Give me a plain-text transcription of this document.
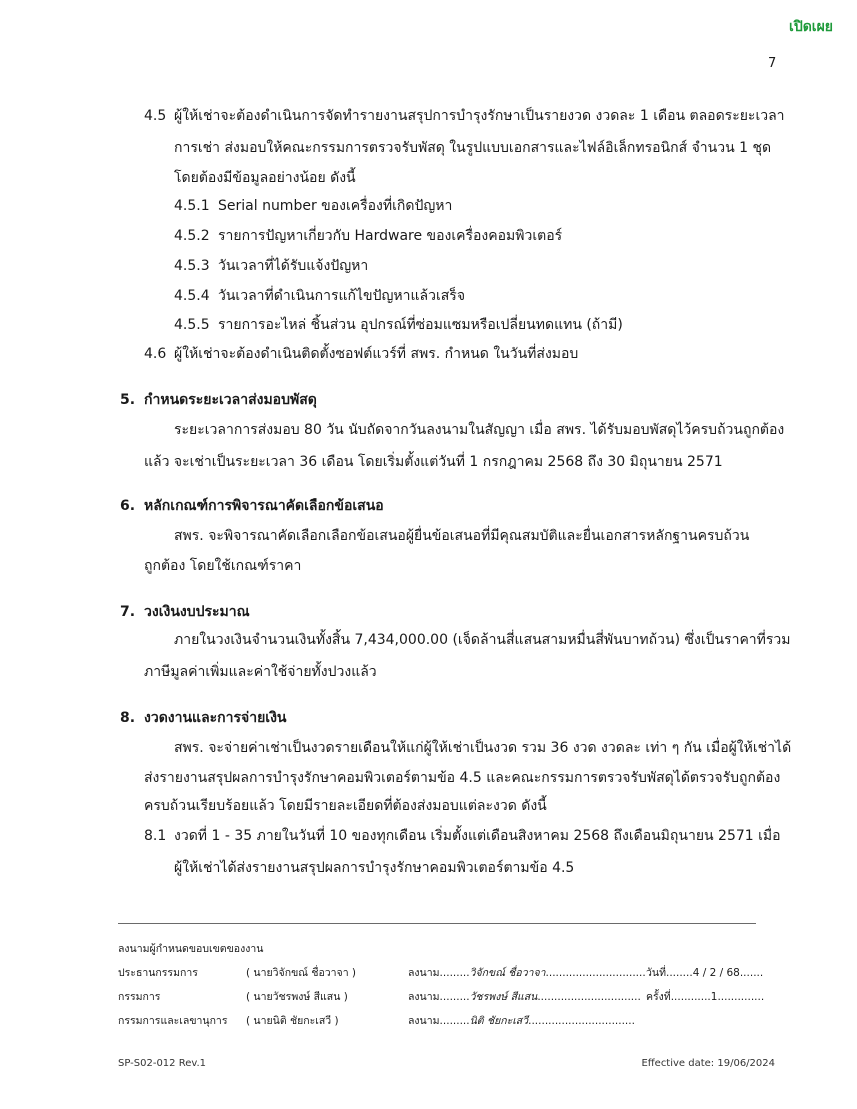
เปิดเผย
7
4.5 ผู้ให้เช่าจะต้องดำเนินการจัดทำรายงานสรุปการบำรุงรักษาเป็นรายงวด งวดละ 1 เดือน ตลอดระยะเวลา
การเช่า ส่งมอบให้คณะกรรมการตรวจรับพัสดุ ในรูปแบบเอกสารและไฟล์อิเล็กทรอนิกส์ จำนวน 1 ชุด
โดยต้องมีข้อมูลอย่างน้อย ดังนี้
4.5.1 Serial number ของเครื่องที่เกิดปัญหา
4.5.2 รายการปัญหาเกี่ยวกับ Hardware ของเครื่องคอมพิวเตอร์
4.5.3 วันเวลาที่ได้รับแจ้งปัญหา
4.5.4 วันเวลาที่ดำเนินการแก้ไขปัญหาแล้วเสร็จ
4.5.5 รายการอะไหล่ ชิ้นส่วน อุปกรณ์ที่ซ่อมแซมหรือเปลี่ยนทดแทน (ถ้ามี)
4.6 ผู้ให้เช่าจะต้องดำเนินติดตั้งซอฟต์แวร์ที่ สพร. กำหนด ในวันที่ส่งมอบ
5. กำหนดระยะเวลาส่งมอบพัสดุ
ระยะเวลาการส่งมอบ 80 วัน นับถัดจากวันลงนามในสัญญา เมื่อ สพร. ได้รับมอบพัสดุไว้ครบถ้วนถูกต้อง
แล้ว จะเช่าเป็นระยะเวลา 36 เดือน โดยเริ่มตั้งแต่วันที่ 1 กรกฎาคม 2568 ถึง 30 มิถุนายน 2571
6. หลักเกณฑ์การพิจารณาคัดเลือกข้อเสนอ
สพร. จะพิจารณาคัดเลือกเลือกข้อเสนอผู้ยื่นข้อเสนอที่มีคุณสมบัติและยื่นเอกสารหลักฐานครบถ้วน
ถูกต้อง โดยใช้เกณฑ์ราคา
7. วงเงินงบประมาณ
ภายในวงเงินจำนวนเงินทั้งสิ้น 7,434,000.00 (เจ็ดล้านสี่แสนสามหมื่นสี่พันบาทถ้วน) ซึ่งเป็นราคาที่รวม
ภาษีมูลค่าเพิ่มและค่าใช้จ่ายทั้งปวงแล้ว
8. งวดงานและการจ่ายเงิน
สพร. จะจ่ายค่าเช่าเป็นงวดรายเดือนให้แก่ผู้ให้เช่าเป็นงวด รวม 36 งวด งวดละ เท่า ๆ กัน เมื่อผู้ให้เช่าได้
ส่งรายงานสรุปผลการบำรุงรักษาคอมพิวเตอร์ตามข้อ 4.5 และคณะกรรมการตรวจรับพัสดุได้ตรวจรับถูกต้อง
ครบถ้วนเรียบร้อยแล้ว โดยมีรายละเอียดที่ต้องส่งมอบแต่ละงวด ดังนี้
8.1 งวดที่ 1 - 35 ภายในวันที่ 10 ของทุกเดือน เริ่มตั้งแต่เดือนสิงหาคม 2568 ถึงเดือนมิถุนายน 2571 เมื่อ
ผู้ให้เช่าได้ส่งรายงานสรุปผลการบำรุงรักษาคอมพิวเตอร์ตามข้อ 4.5
ลงนามผู้กำหนดขอบเขตของงาน
ประธานกรรมการ	( นายวิจักขณ์ ชื่อวาจา )	ลงนาม.........วิจักขณ์ ชื่อวาจา.............................. วันที่........4 / 2 / 68.......
กรรมการ	( นายวัชรพงษ์ สีแสน )	ลงนาม.........วัชรพงษ์ สีแสน............................... ครั้งที่............1..............
กรรมการและเลขานุการ ( นายนิติ ชัยกะเสวี )	ลงนาม.........นิติ ชัยกะเสวี................................
SP-S02-012 Rev.1	Effective date: 19/06/2024
